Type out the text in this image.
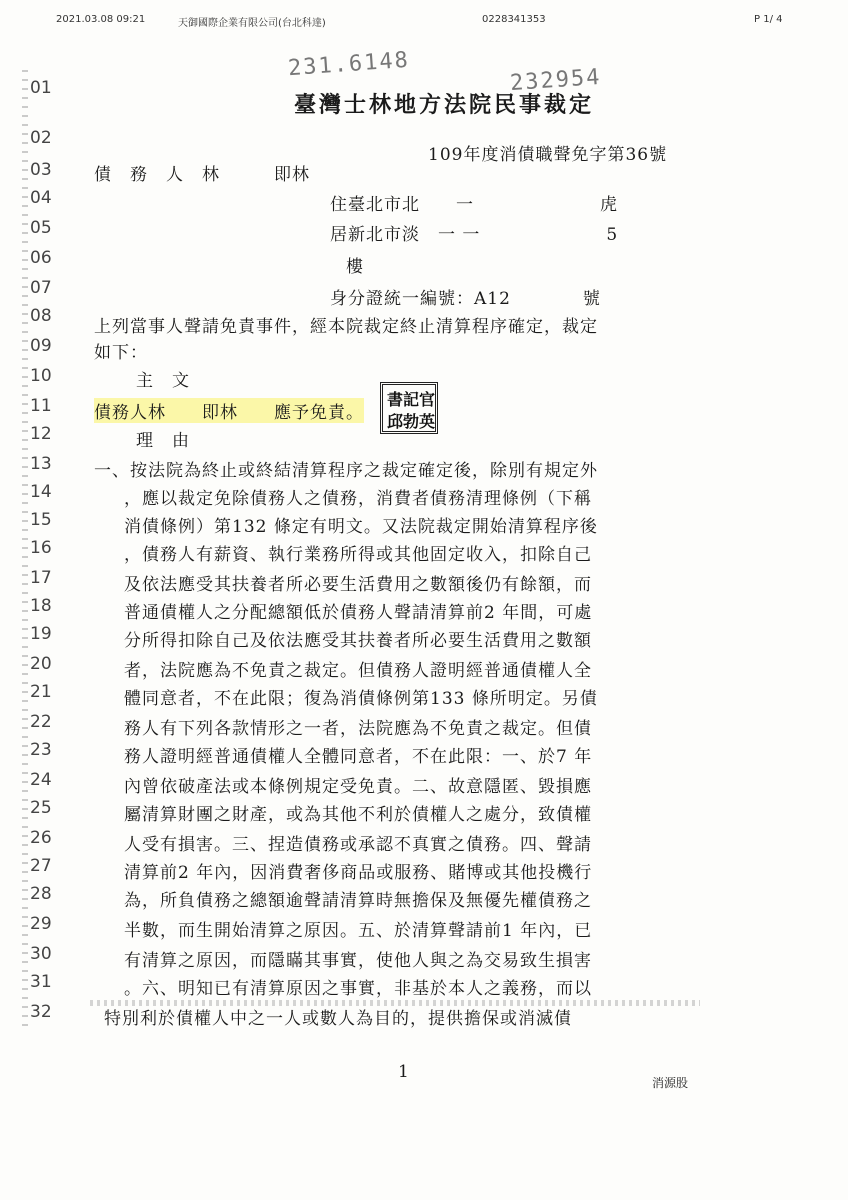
2021.03.08 09:21	天御國際企業有限公司(台北科達)	0228341353	P 1/ 4
231.6148	232954
臺灣士林地方法院民事裁定
109年度消債職聲免字第36號
01
02
03
04
05
06
07
08
09
10
11
12
13
14
15
16
17
18
19
20
21
22
23
24
25
26
27
28
29
30
31
32
債　務　人　林　　　即林
住臺北市北　　一　　　　　　　虎
居新北市淡　一 一　　　　　　　5
樓
身分證統一編號：A12　　　　號
上列當事人聲請免責事件，經本院裁定終止清算程序確定，裁定
如下：
主　文
債務人林　　即林　　應予免責。
理　由
一、按法院為終止或終結清算程序之裁定確定後，除別有規定外
，應以裁定免除債務人之債務，消費者債務清理條例（下稱
消債條例）第132 條定有明文。又法院裁定開始清算程序後
，債務人有薪資、執行業務所得或其他固定收入，扣除自己
及依法應受其扶養者所必要生活費用之數額後仍有餘額，而
普通債權人之分配總額低於債務人聲請清算前2 年間，可處
分所得扣除自己及依法應受其扶養者所必要生活費用之數額
者，法院應為不免責之裁定。但債務人證明經普通債權人全
體同意者，不在此限；復為消債條例第133 條所明定。另債
務人有下列各款情形之一者，法院應為不免責之裁定。但債
務人證明經普通債權人全體同意者，不在此限：一、於7 年
內曾依破產法或本條例規定受免責。二、故意隱匿、毀損應
屬清算財團之財產，或為其他不利於債權人之處分，致債權
人受有損害。三、捏造債務或承認不真實之債務。四、聲請
清算前2 年內，因消費奢侈商品或服務、賭博或其他投機行
為，所負債務之總額逾聲請清算時無擔保及無優先權債務之
半數，而生開始清算之原因。五、於清算聲請前1 年內，已
有清算之原因，而隱瞞其事實，使他人與之為交易致生損害
。六、明知已有清算原因之事實，非基於本人之義務，而以
特別利於債權人中之一人或數人為目的，提供擔保或消滅債
書 記 官
邱 勃 英
1
消源股
